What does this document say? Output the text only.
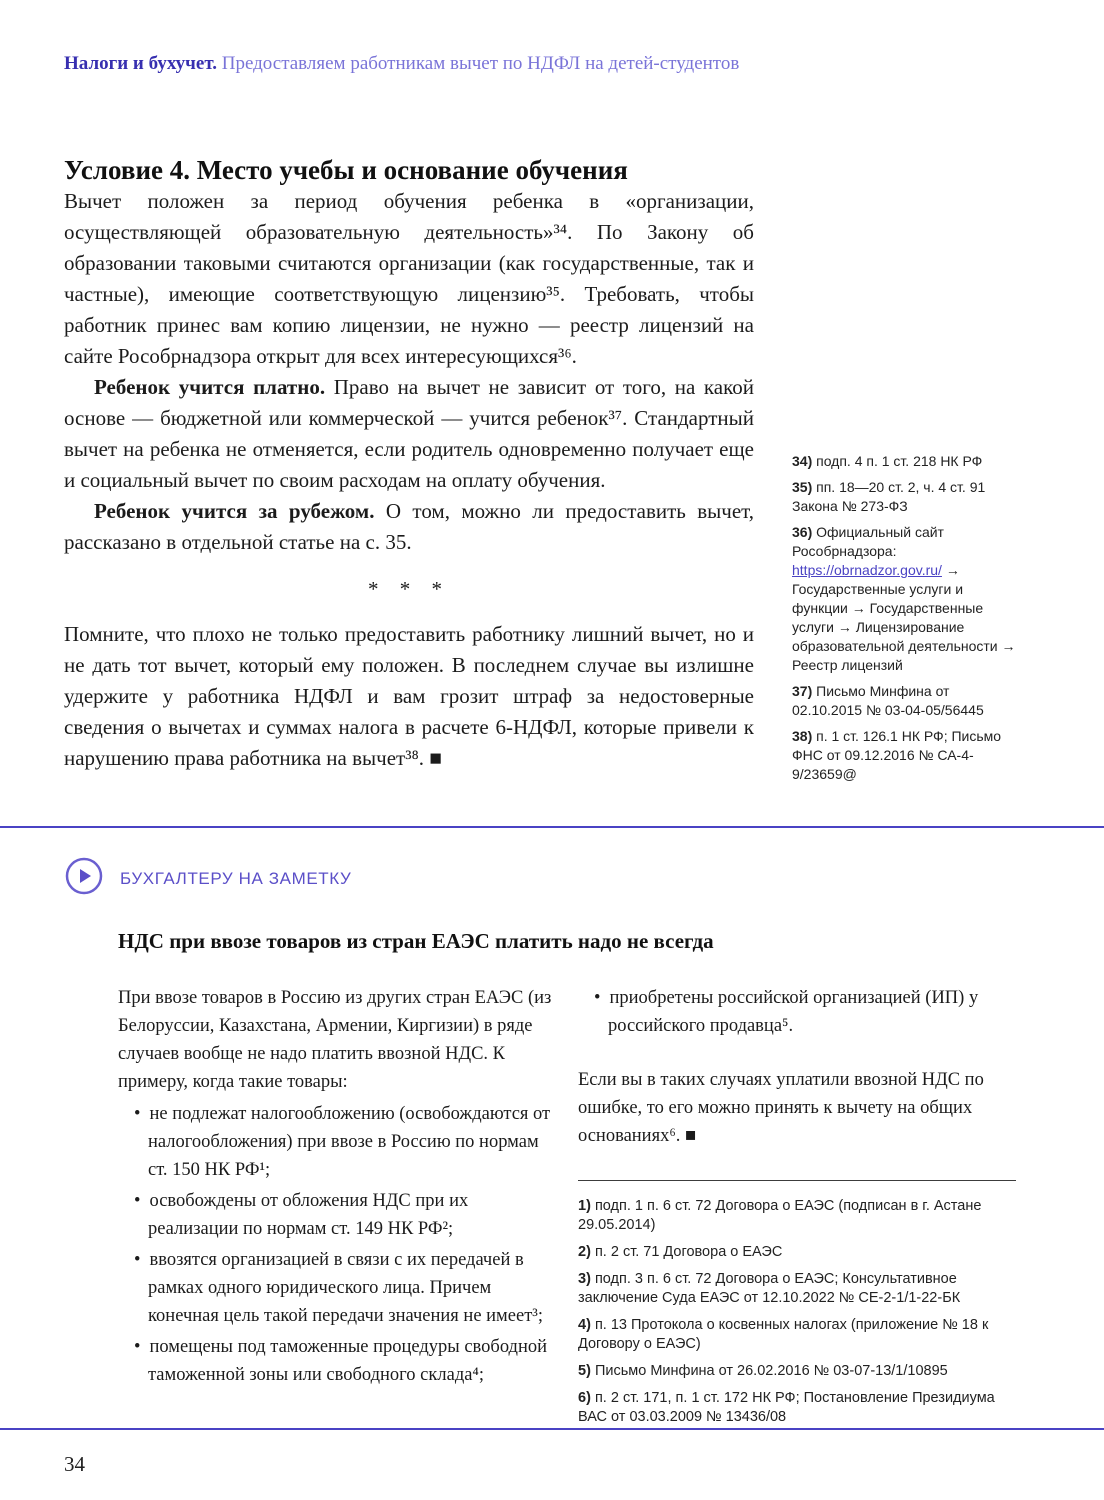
Налоги и бухучет. Предоставляем работникам вычет по НДФЛ на детей-студентов
Условие 4. Место учебы и основание обучения

Вычет положен за период обучения ребенка в «организации, осуществляющей образовательную деятельность»³⁴. По Закону об образовании таковыми считаются организации (как государственные, так и частные), имеющие соответствующую лицензию³⁵. Требовать, чтобы работник принес вам копию лицензии, не нужно — реестр лицензий на сайте Рособрнадзора открыт для всех интересующихся³⁶.

Ребенок учится платно. Право на вычет не зависит от того, на какой основе — бюджетной или коммерческой — учится ребенок³⁷. Стандартный вычет на ребенка не отменяется, если родитель одновременно получает еще и социальный вычет по своим расходам на оплату обучения.

Ребенок учится за рубежом. О том, можно ли предоставить вычет, рассказано в отдельной статье на с. 35.

* * *

Помните, что плохо не только предоставить работнику лишний вычет, но и не дать тот вычет, который ему положен. В последнем случае вы излишне удержите у работника НДФЛ и вам грозит штраф за недостоверные сведения о вычетах и суммах налога в расчете 6-НДФЛ, которые привели к нарушению права работника на вычет³⁸. ■

34) подп. 4 п. 1 ст. 218 НК РФ

35) пп. 18—20 ст. 2, ч. 4 ст. 91 Закона № 273-ФЗ

36) Официальный сайт Рособрнадзора: https://obrnadzor.gov.ru/ → Государственные услуги и функции → Государственные услуги → Лицензирование образовательной деятельности → Реестр лицензий

37) Письмо Минфина от 02.10.2015 № 03-04-05/56445

38) п. 1 ст. 126.1 НК РФ; Письмо ФНС от 09.12.2016 № СА-4-9/23659@

БУХГАЛТЕРУ НА ЗАМЕТКУ
НДС при ввозе товаров из стран ЕАЭС платить надо не всегда

При ввозе товаров в Россию из других стран ЕАЭС (из Белоруссии, Казахстана, Армении, Киргизии) в ряде случаев вообще не надо платить ввозной НДС. К примеру, когда такие товары:

• не подлежат налогообложению (освобождаются от налогообложения) при ввозе в Россию по нормам ст. 150 НК РФ¹;
• освобождены от обложения НДС при их реализации по нормам ст. 149 НК РФ²;
• ввозятся организацией в связи с их передачей в рамках одного юридического лица. Причем конечная цель такой передачи значения не имеет³;
• помещены под таможенные процедуры свободной таможенной зоны или свободного склада⁴;
• приобретены российской организацией (ИП) у российского продавца⁵.

Если вы в таких случаях уплатили ввозной НДС по ошибке, то его можно принять к вычету на общих основаниях⁶. ■

1) подп. 1 п. 6 ст. 72 Договора о ЕАЭС (подписан в г. Астане 29.05.2014)

2) п. 2 ст. 71 Договора о ЕАЭС

3) подп. 3 п. 6 ст. 72 Договора о ЕАЭС; Консультативное заключение Суда ЕАЭС от 12.10.2022 № СЕ-2-1/1-22-БК

4) п. 13 Протокола о косвенных налогах (приложение № 18 к Договору о ЕАЭС)

5) Письмо Минфина от 26.02.2016 № 03-07-13/1/10895

6) п. 2 ст. 171, п. 1 ст. 172 НК РФ; Постановление Президиума ВАС от 03.03.2009 № 13436/08

34
